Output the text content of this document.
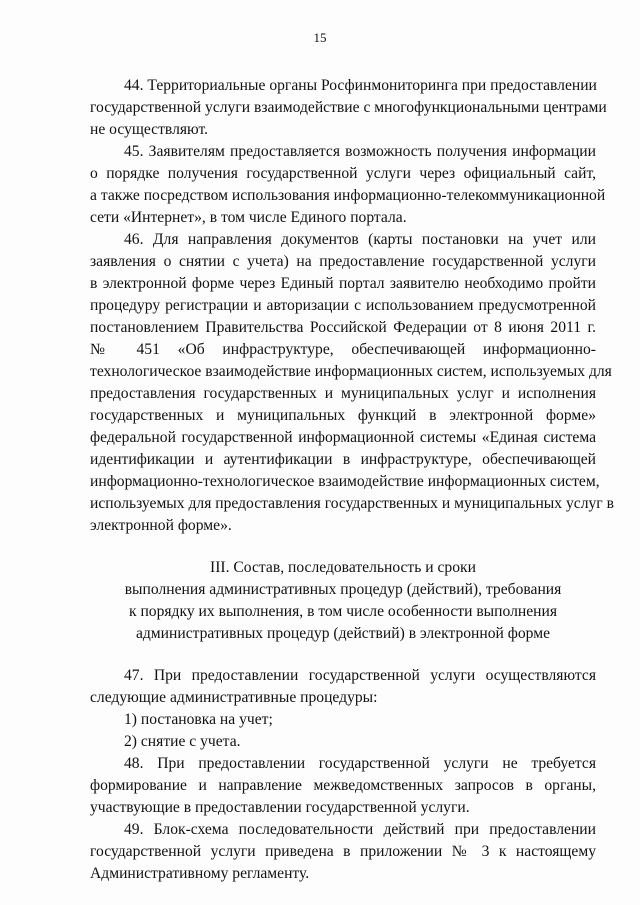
15
44. Территориальные органы Росфинмониторинга при предоставлении
государственной услуги взаимодействие с многофункциональными центрами
не осуществляют.
45. Заявителям предоставляется возможность получения информации
о порядке получения государственной услуги через официальный сайт,
а также посредством использования информационно-телекоммуникационной
сети «Интернет», в том числе Единого портала.
46. Для направления документов (карты постановки на учет или
заявления о снятии с учета) на предоставление государственной услуги
в электронной форме через Единый портал заявителю необходимо пройти
процедуру регистрации и авторизации с использованием предусмотренной
постановлением Правительства Российской Федерации от 8 июня 2011 г.
№ 451 «Об инфраструктуре, обеспечивающей информационно-
технологическое взаимодействие информационных систем, используемых для
предоставления государственных и муниципальных услуг и исполнения
государственных и муниципальных функций в электронной форме»
федеральной государственной информационной системы «Единая система
идентификации и аутентификации в инфраструктуре, обеспечивающей
информационно-технологическое взаимодействие информационных систем,
используемых для предоставления государственных и муниципальных услуг в
электронной форме».
III. Состав, последовательность и сроки
выполнения административных процедур (действий), требования
к порядку их выполнения, в том числе особенности выполнения
административных процедур (действий) в электронной форме
47. При предоставлении государственной услуги осуществляются
следующие административные процедуры:
1) постановка на учет;
2) снятие с учета.
48. При предоставлении государственной услуги не требуется
формирование и направление межведомственных запросов в органы,
участвующие в предоставлении государственной услуги.
49. Блок-схема последовательности действий при предоставлении
государственной услуги приведена в приложении № 3 к настоящему
Административному регламенту.
